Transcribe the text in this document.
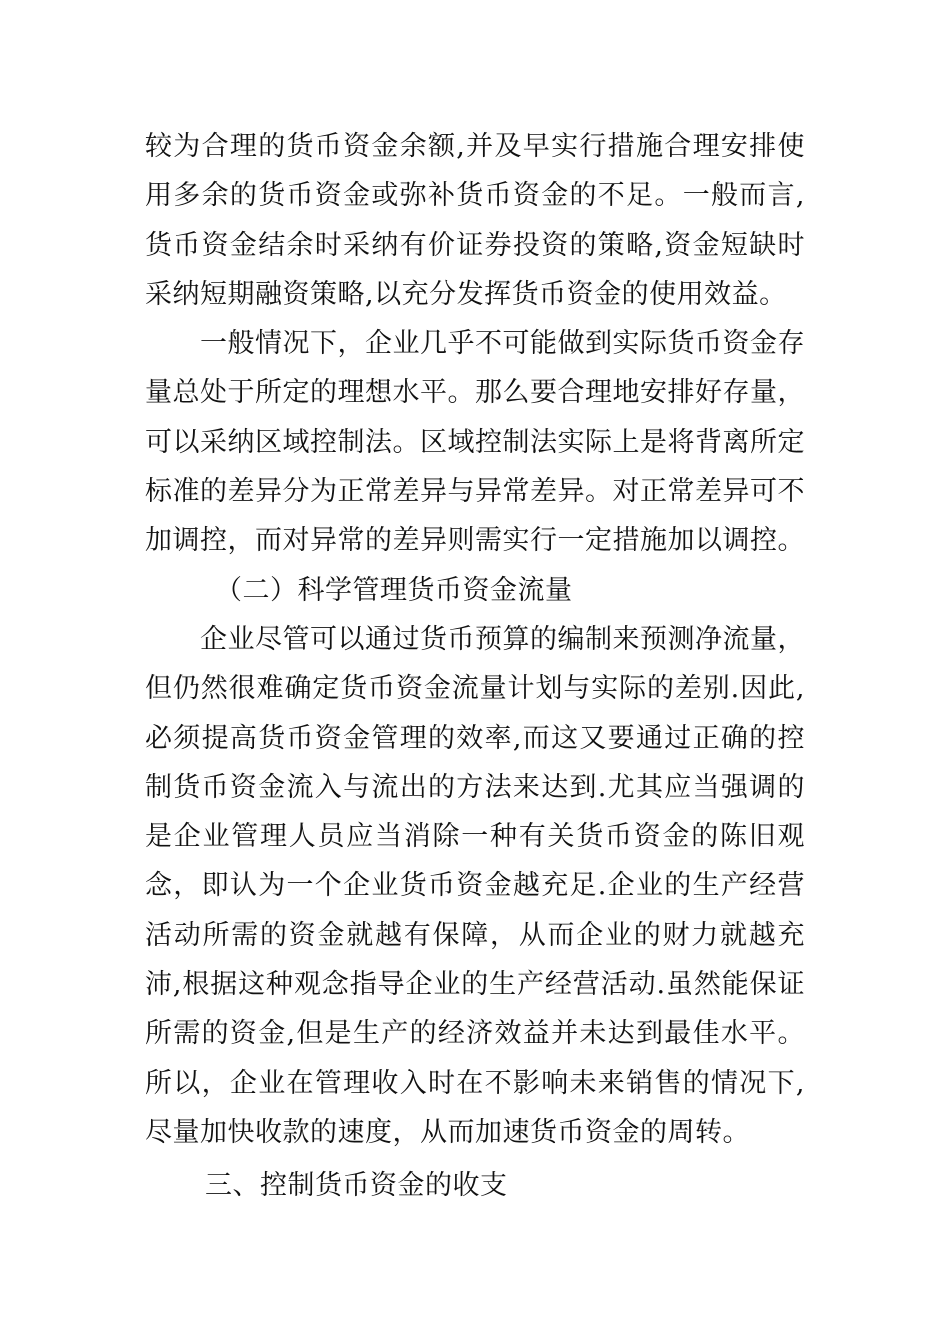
较为合理的货币资金余额,并及早实行措施合理安排使用多余的货币资金或弥补货币资金的不足。一般而言,货币资金结余时采纳有价证券投资的策略,资金短缺时采纳短期融资策略,以充分发挥货币资金的使用效益。

一般情况下，企业几乎不可能做到实际货币资金存量总处于所定的理想水平。那么要合理地安排好存量，可以采纳区域控制法。区域控制法实际上是将背离所定标准的差异分为正常差异与异常差异。对正常差异可不加调控，而对异常的差异则需实行一定措施加以调控。

（二）科学管理货币资金流量

企业尽管可以通过货币预算的编制来预测净流量，但仍然很难确定货币资金流量计划与实际的差别.因此,必须提高货币资金管理的效率,而这又要通过正确的控制货币资金流入与流出的方法来达到.尤其应当强调的是企业管理人员应当消除一种有关货币资金的陈旧观念，即认为一个企业货币资金越充足.企业的生产经营活动所需的资金就越有保障，从而企业的财力就越充沛,根据这种观念指导企业的生产经营活动.虽然能保证所需的资金,但是生产的经济效益并未达到最佳水平。所以，企业在管理收入时在不影响未来销售的情况下,尽量加快收款的速度，从而加速货币资金的周转。

三、控制货币资金的收支
